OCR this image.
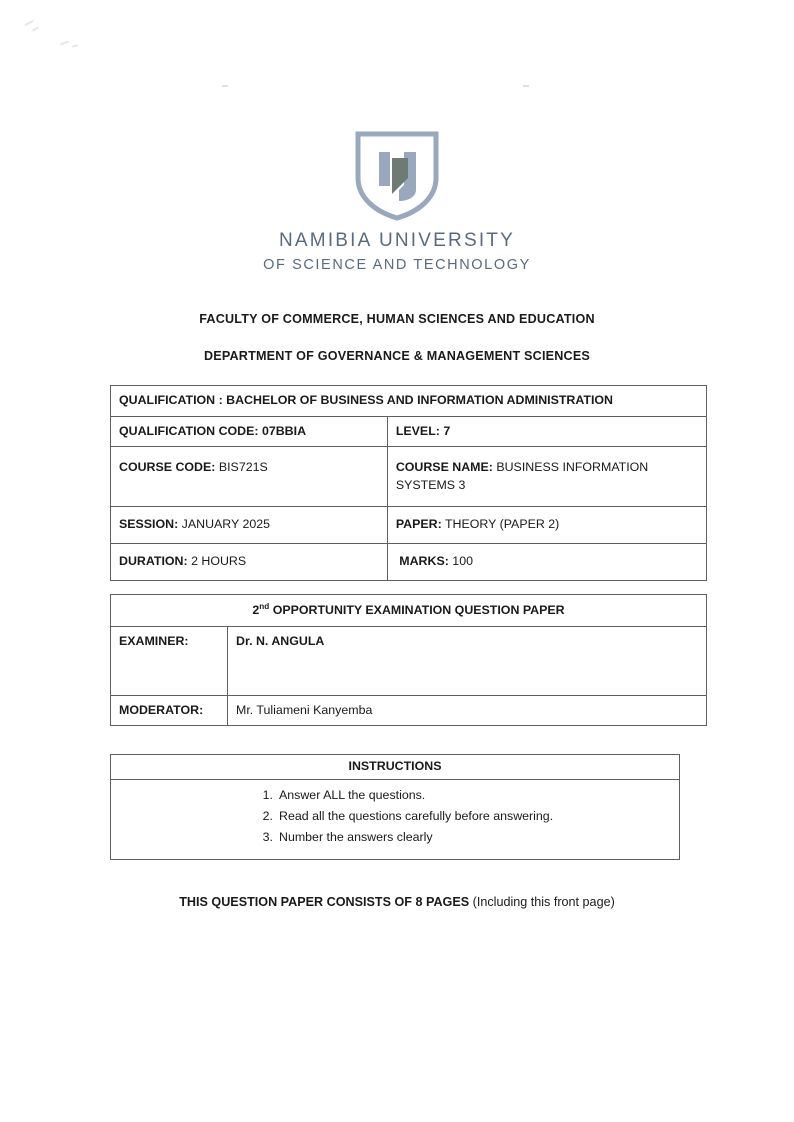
NAMIBIA UNIVERSITY
OF SCIENCE AND TECHNOLOGY
FACULTY OF COMMERCE, HUMAN SCIENCES AND EDUCATION
DEPARTMENT OF GOVERNANCE & MANAGEMENT SCIENCES
QUALIFICATION : BACHELOR OF BUSINESS AND INFORMATION ADMINISTRATION	
QUALIFICATION CODE: 07BBIA	LEVEL: 7
COURSE CODE: BIS721S	COURSE NAME: BUSINESS INFORMATION SYSTEMS 3
SESSION: JANUARY 2025	PAPER: THEORY (PAPER 2)
DURATION: 2 HOURS	MARKS: 100
2nd OPPORTUNITY EXAMINATION QUESTION PAPER	
EXAMINER:	Dr. N. ANGULA
MODERATOR:	Mr. Tuliameni Kanyemba
INSTRUCTIONS

1. Answer ALL the questions.
2. Read all the questions carefully before answering.
3. Number the answers clearly
THIS QUESTION PAPER CONSISTS OF 8 PAGES (Including this front page)
